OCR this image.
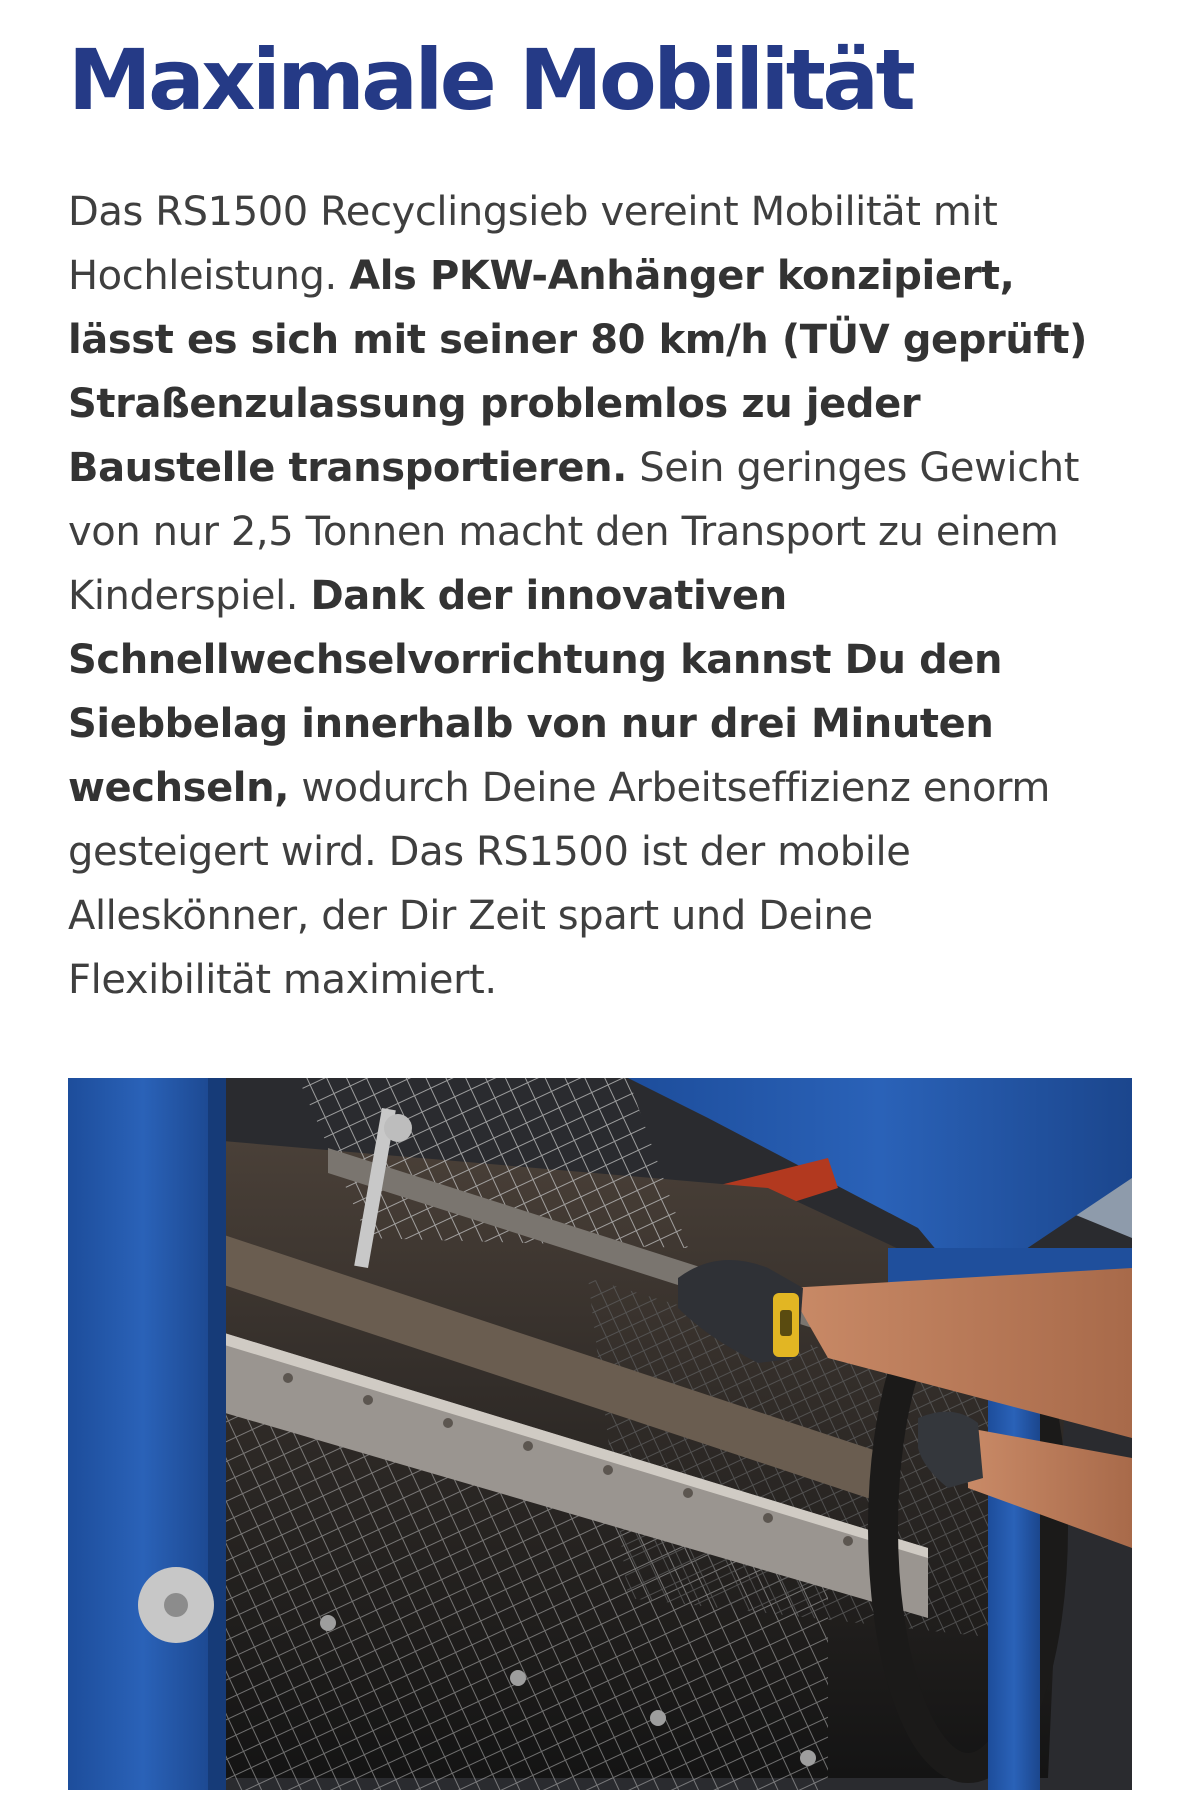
Maximale Mobilität
Das RS1500 Recyclingsieb vereint Mobilität mit
Hochleistung. Als PKW-Anhänger konzipiert,
lässt es sich mit seiner 80 km/h (TÜV geprüft)
Straßenzulassung problemlos zu jeder
Baustelle transportieren. Sein geringes Gewicht
von nur 2,5 Tonnen macht den Transport zu einem
Kinderspiel. Dank der innovativen
Schnellwechselvorrichtung kannst Du den
Siebbelag innerhalb von nur drei Minuten
wechseln, wodurch Deine Arbeitseffizienz enorm
gesteigert wird. Das RS1500 ist der mobile
Alleskönner, der Dir Zeit spart und Deine
Flexibilität maximiert.
